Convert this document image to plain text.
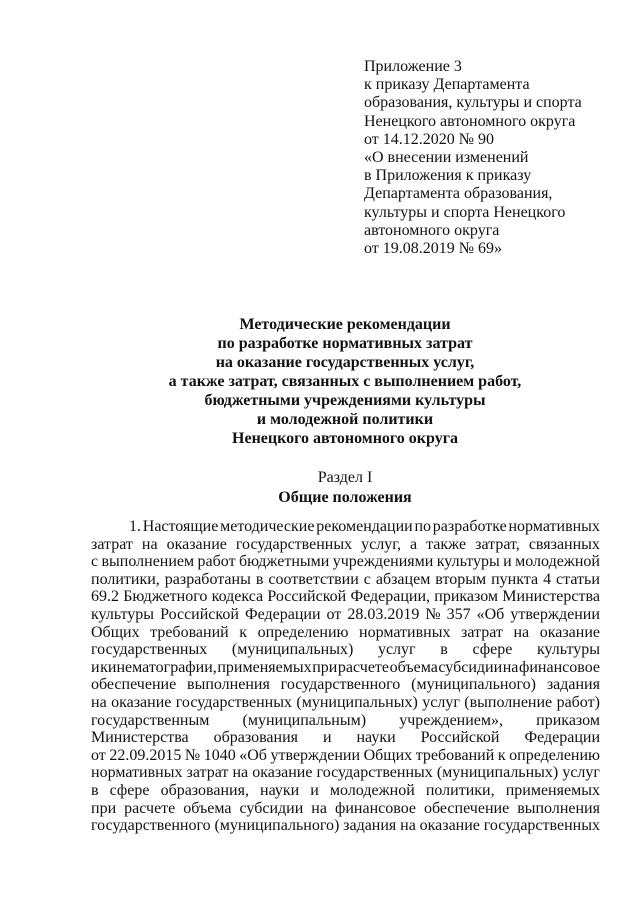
Приложение 3
к приказу Департамента
образования, культуры и спорта
Ненецкого автономного округа
от 14.12.2020 № 90
«О внесении изменений
в Приложения к приказу
Департамента образования,
культуры и спорта Ненецкого
автономного округа
от 19.08.2019 № 69»
Методические рекомендации
по разработке нормативных затрат
на оказание государственных услуг,
а также затрат, связанных с выполнением работ,
бюджетными учреждениями культуры
и молодежной политики
Ненецкого автономного округа
Раздел I
Общие положения
1. Настоящие методические рекомендации по разработке нормативных
затрат на оказание государственных услуг, а также затрат, связанных
с выполнением работ бюджетными учреждениями культуры и молодежной
политики, разработаны в соответствии с абзацем вторым пункта 4 статьи
69.2 Бюджетного кодекса Российской Федерации, приказом Министерства
культуры Российской Федерации от 28.03.2019 № 357 «Об утверждении
Общих требований к определению нормативных затрат на оказание
государственных (муниципальных) услуг в сфере культуры
и кинематографии, применяемых при расчете объема субсидии на финансовое
обеспечение выполнения государственного (муниципального) задания
на оказание государственных (муниципальных) услуг (выполнение работ)
государственным (муниципальным) учреждением», приказом
Министерства образования и науки Российской Федерации
от 22.09.2015 № 1040 «Об утверждении Общих требований к определению
нормативных затрат на оказание государственных (муниципальных) услуг
в сфере образования, науки и молодежной политики, применяемых
при расчете объема субсидии на финансовое обеспечение выполнения
государственного (муниципального) задания на оказание государственных
